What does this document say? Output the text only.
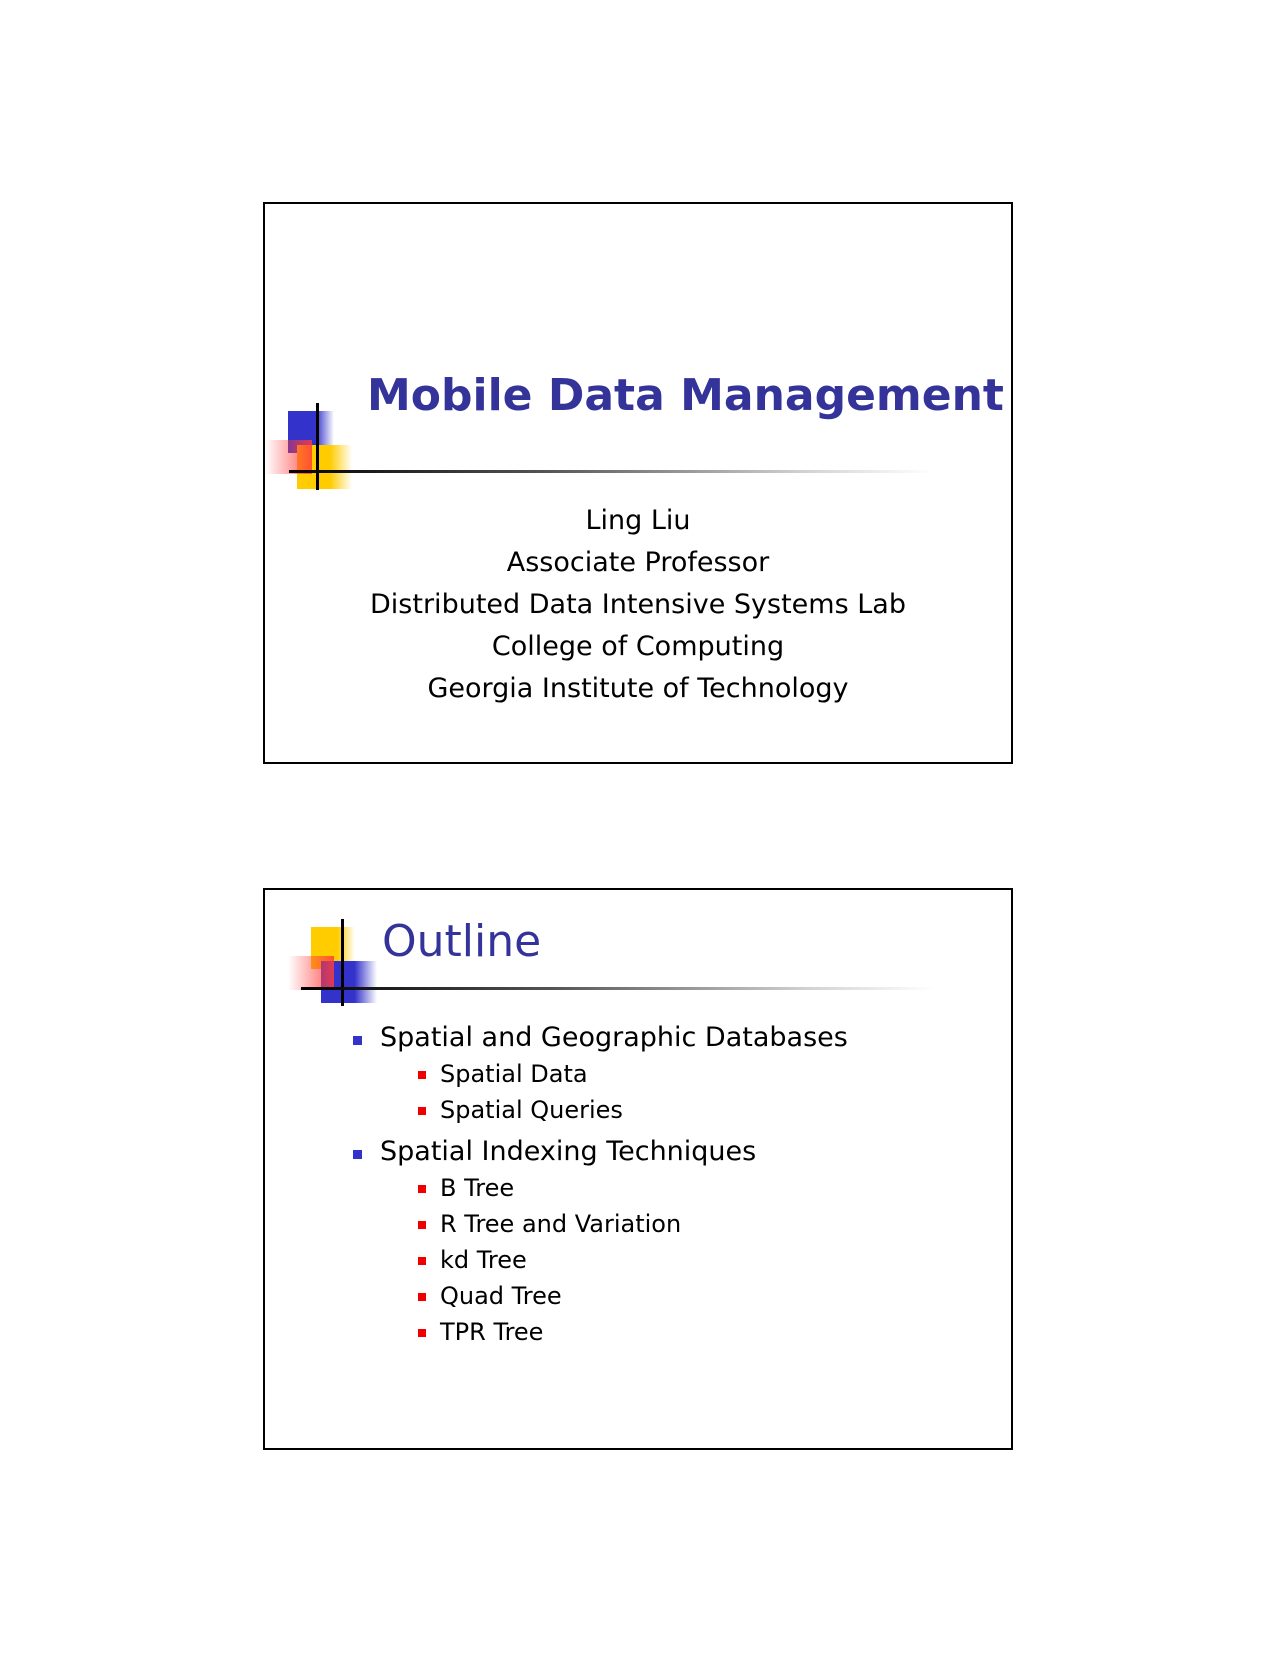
Mobile Data Management
Ling Liu
Associate Professor
Distributed Data Intensive Systems Lab
College of Computing
Georgia Institute of Technology
Outline
Spatial and Geographic Databases
Spatial Data
Spatial Queries
Spatial Indexing Techniques
B Tree
R Tree and Variation
kd Tree
Quad Tree
TPR Tree
